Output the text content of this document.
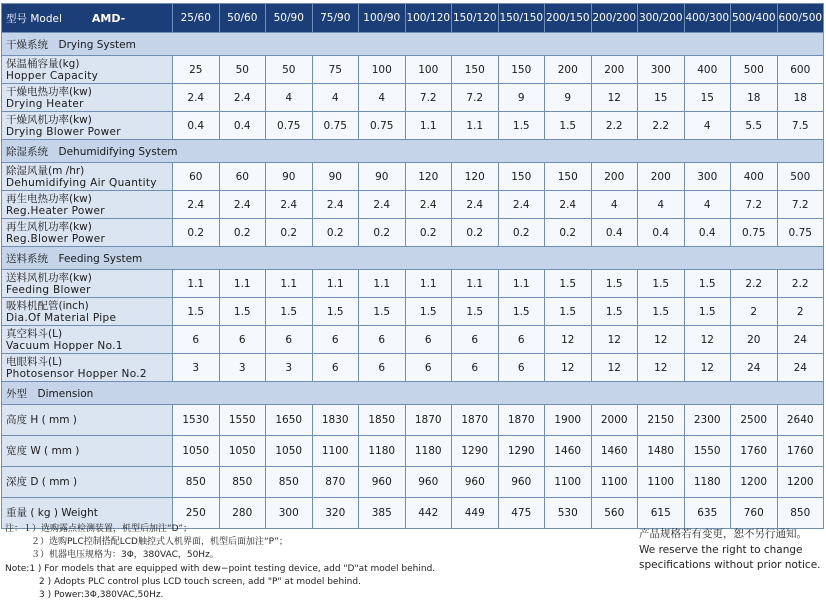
型号 Model AMD-	25/60	50/60	50/90	75/90	100/90	100/120	150/120	150/150	200/150	200/200	300/200	400/300	500/400	600/500
干燥系统　Drying System														

保温桶容量(kg)
Hopper Capacity	25	50	50	75	100	100	150	150	200	200	300	400	500	600

干燥电热功率(kw)
Drying Heater	2.4	2.4	4	4	4	7.2	7.2	9	9	12	15	15	18	18

干燥风机功率(kw)
Drying Blower Power	0.4	0.4	0.75	0.75	0.75	1.1	1.1	1.5	1.5	2.2	2.2	4	5.5	7.5
除湿系统　Dehumidifying System														

除湿风量(m /hr)
Dehumidifying Air Quantity	60	60	90	90	90	120	120	150	150	200	200	300	400	500

再生电热功率(kw)
Reg.Heater Power	2.4	2.4	2.4	2.4	2.4	2.4	2.4	2.4	2.4	4	4	4	7.2	7.2

再生风机功率(kw)
Reg.Blower Power	0.2	0.2	0.2	0.2	0.2	0.2	0.2	0.2	0.2	0.4	0.4	0.4	0.75	0.75
送料系统　Feeding System														

送料风机功率(kw)
Feeding Blower	1.1	1.1	1.1	1.1	1.1	1.1	1.1	1.1	1.5	1.5	1.5	1.5	2.2	2.2

吸料机配管(inch)
Dia.Of Material Pipe	1.5	1.5	1.5	1.5	1.5	1.5	1.5	1.5	1.5	1.5	1.5	1.5	2	2

真空料斗(L)
Vacuum Hopper No.1	6	6	6	6	6	6	6	6	12	12	12	12	20	24

电眼料斗(L)
Photosensor Hopper No.2	3	3	3	6	6	6	6	6	12	12	12	12	24	24
外型　Dimension														

高度 H ( mm )	1530	1550	1650	1830	1850	1870	1870	1870	1900	2000	2150	2300	2500	2640

宽度 W ( mm )	1050	1050	1050	1100	1180	1180	1290	1290	1460	1460	1480	1550	1760	1760

深度 D ( mm )	850	850	850	870	960	960	960	960	1100	1100	1100	1180	1200	1200

重量 ( kg ) Weight	250	280	300	320	385	442	449	475	530	560	615	635	760	850
注：１）选购露点检测装置，机型后加注“D”；
２）选购PLC控制搭配LCD触控式人机界面，机型后面加注“P”；
３）机器电压规格为：3Φ，380VAC，50Hz。
Note:1 ) For models that are equipped with dew−point testing device, add "D"at model behind.
2 ) Adopts PLC control plus LCD touch screen, add "P" at model behind.
3 ) Power:3Φ,380VAC,50Hz.
产品规格若有变更，恕不另行通知。
We reserve the right to change
specifications without prior notice.
